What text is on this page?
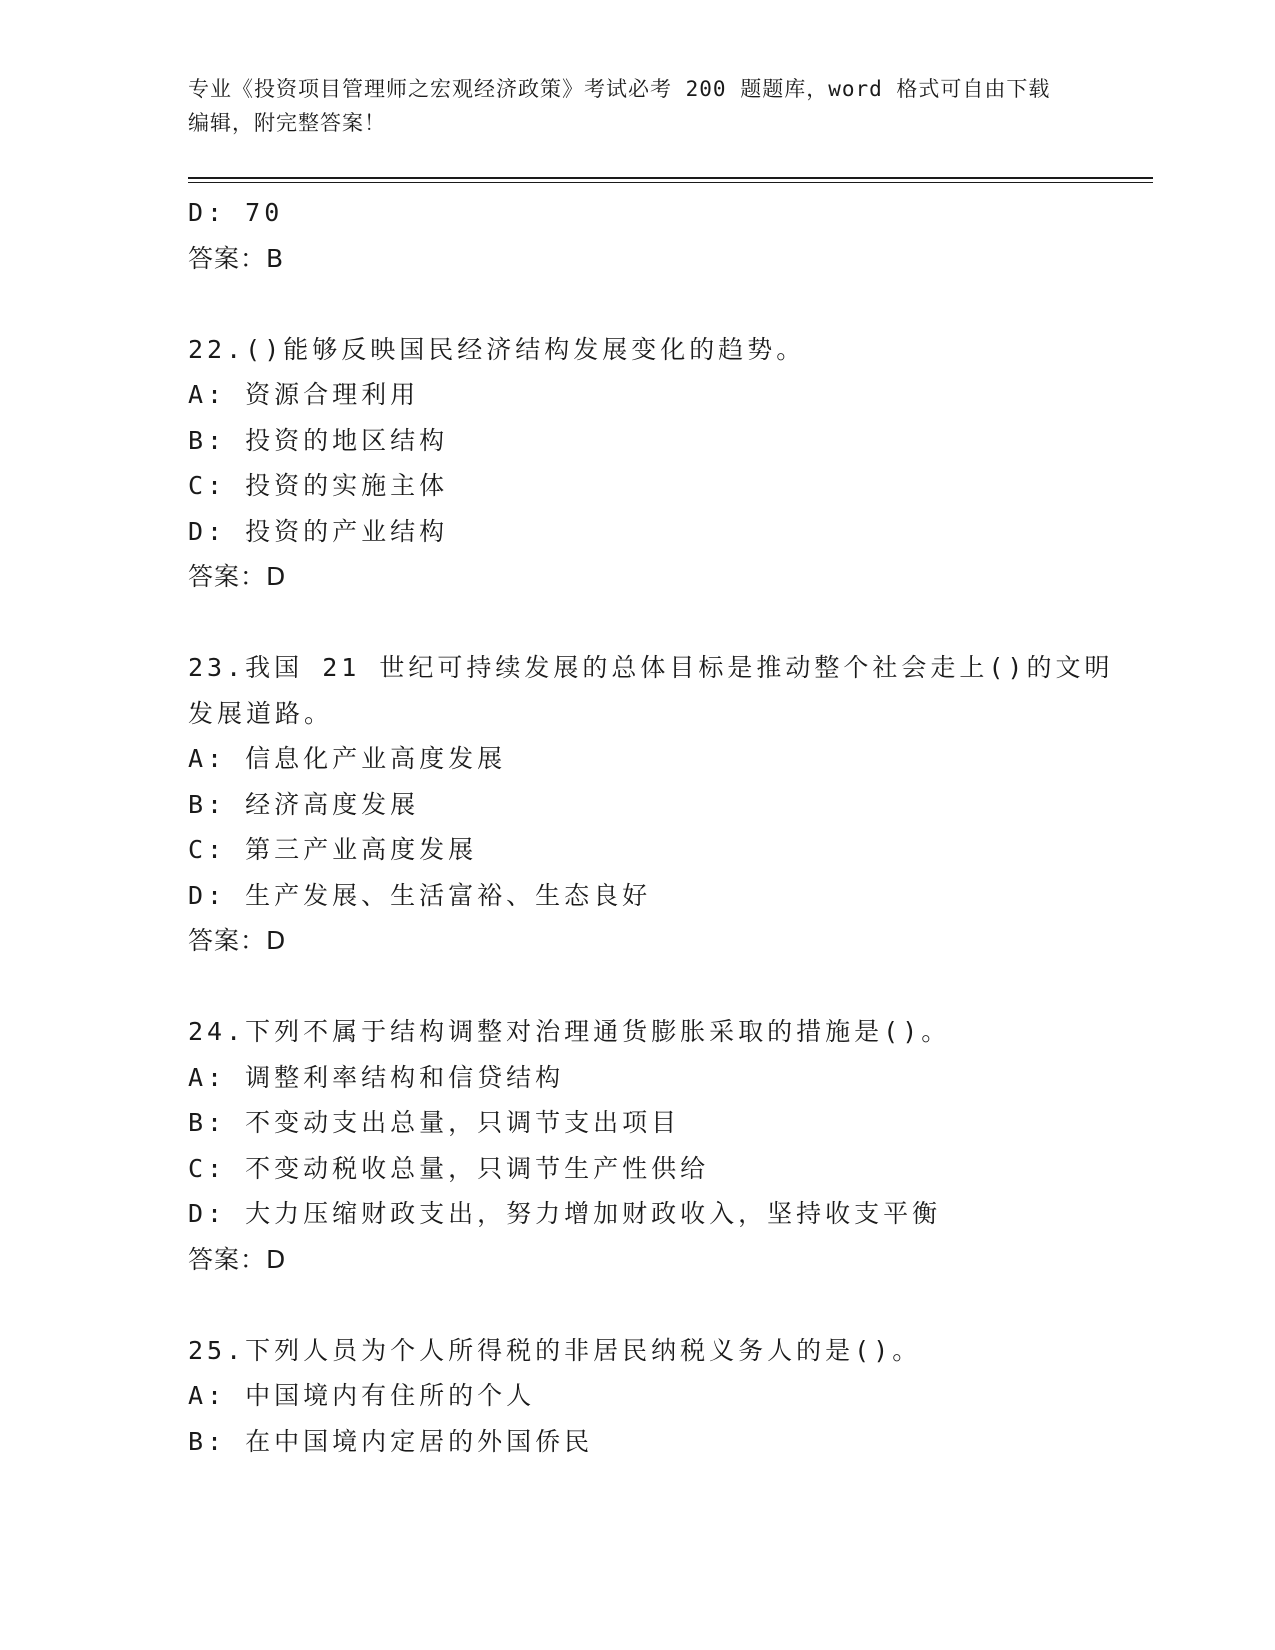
专业《投资项目管理师之宏观经济政策》考试必考 200 题题库，word 格式可自由下载编辑，附完整答案！
D: 70
答案：B
22.()能够反映国民经济结构发展变化的趋势。
A: 资源合理利用
B: 投资的地区结构
C: 投资的实施主体
D: 投资的产业结构
答案：D
23.我国 21 世纪可持续发展的总体目标是推动整个社会走上()的文明
发展道路。
A: 信息化产业高度发展
B: 经济高度发展
C: 第三产业高度发展
D: 生产发展、生活富裕、生态良好
答案：D
24.下列不属于结构调整对治理通货膨胀采取的措施是()。
A: 调整利率结构和信贷结构
B: 不变动支出总量，只调节支出项目
C: 不变动税收总量，只调节生产性供给
D: 大力压缩财政支出，努力增加财政收入，坚持收支平衡
答案：D
25.下列人员为个人所得税的非居民纳税义务人的是()。
A: 中国境内有住所的个人
B: 在中国境内定居的外国侨民
